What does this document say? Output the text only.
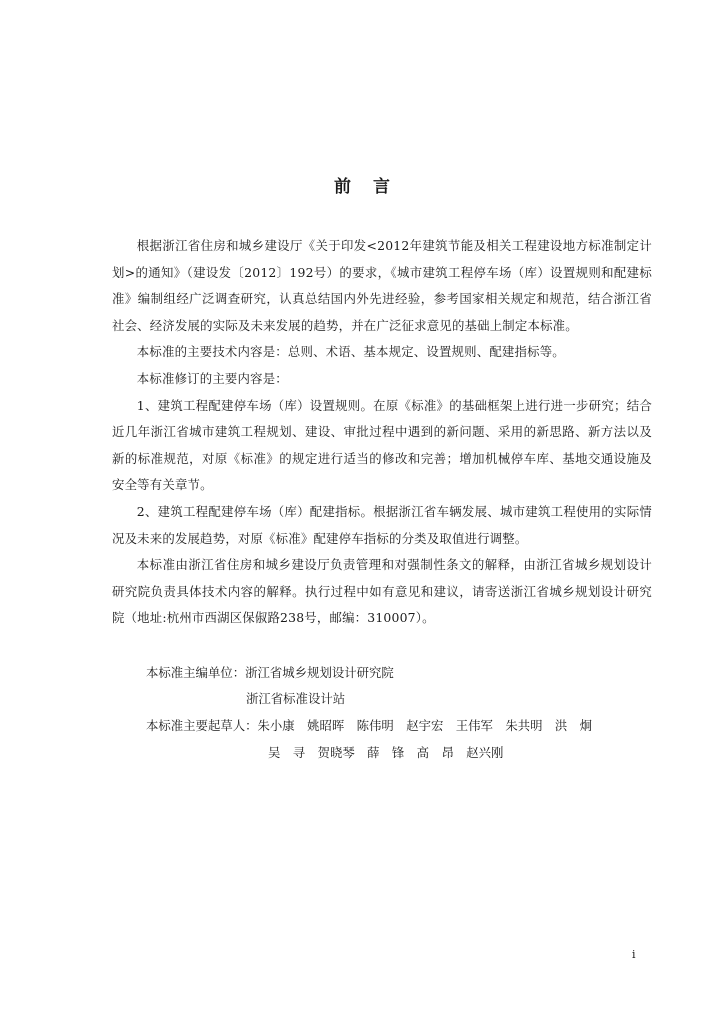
前 言

根据浙江省住房和城乡建设厅《关于印发<2012年建筑节能及相关工程建设地方标准制定计划>的通知》（建设发〔2012〕192号）的要求，《城市建筑工程停车场（库）设置规则和配建标准》编制组经广泛调查研究，认真总结国内外先进经验，参考国家相关规定和规范，结合浙江省社会、经济发展的实际及未来发展的趋势，并在广泛征求意见的基础上制定本标准。

本标准的主要技术内容是：总则、术语、基本规定、设置规则、配建指标等。

本标准修订的主要内容是：

1、建筑工程配建停车场（库）设置规则。在原《标准》的基础框架上进行进一步研究；结合近几年浙江省城市建筑工程规划、建设、审批过程中遇到的新问题、采用的新思路、新方法以及新的标准规范，对原《标准》的规定进行适当的修改和完善；增加机械停车库、基地交通设施及安全等有关章节。

2、建筑工程配建停车场（库）配建指标。根据浙江省车辆发展、城市建筑工程使用的实际情况及未来的发展趋势，对原《标准》配建停车指标的分类及取值进行调整。

本标准由浙江省住房和城乡建设厅负责管理和对强制性条文的解释，由浙江省城乡规划设计研究院负责具体技术内容的解释。执行过程中如有意见和建议，请寄送浙江省城乡规划设计研究院（地址:杭州市西湖区保俶路238号，邮编：310007）。

本标准主编单位：浙江省城乡规划设计研究院
浙江省标准设计站
本标准主要起草人：朱小康　姚昭晖　陈伟明　赵宇宏　王伟军　朱共明　洪　炯
吴　寻　贺晓琴　薛　锋　高　昂　赵兴刚
i
